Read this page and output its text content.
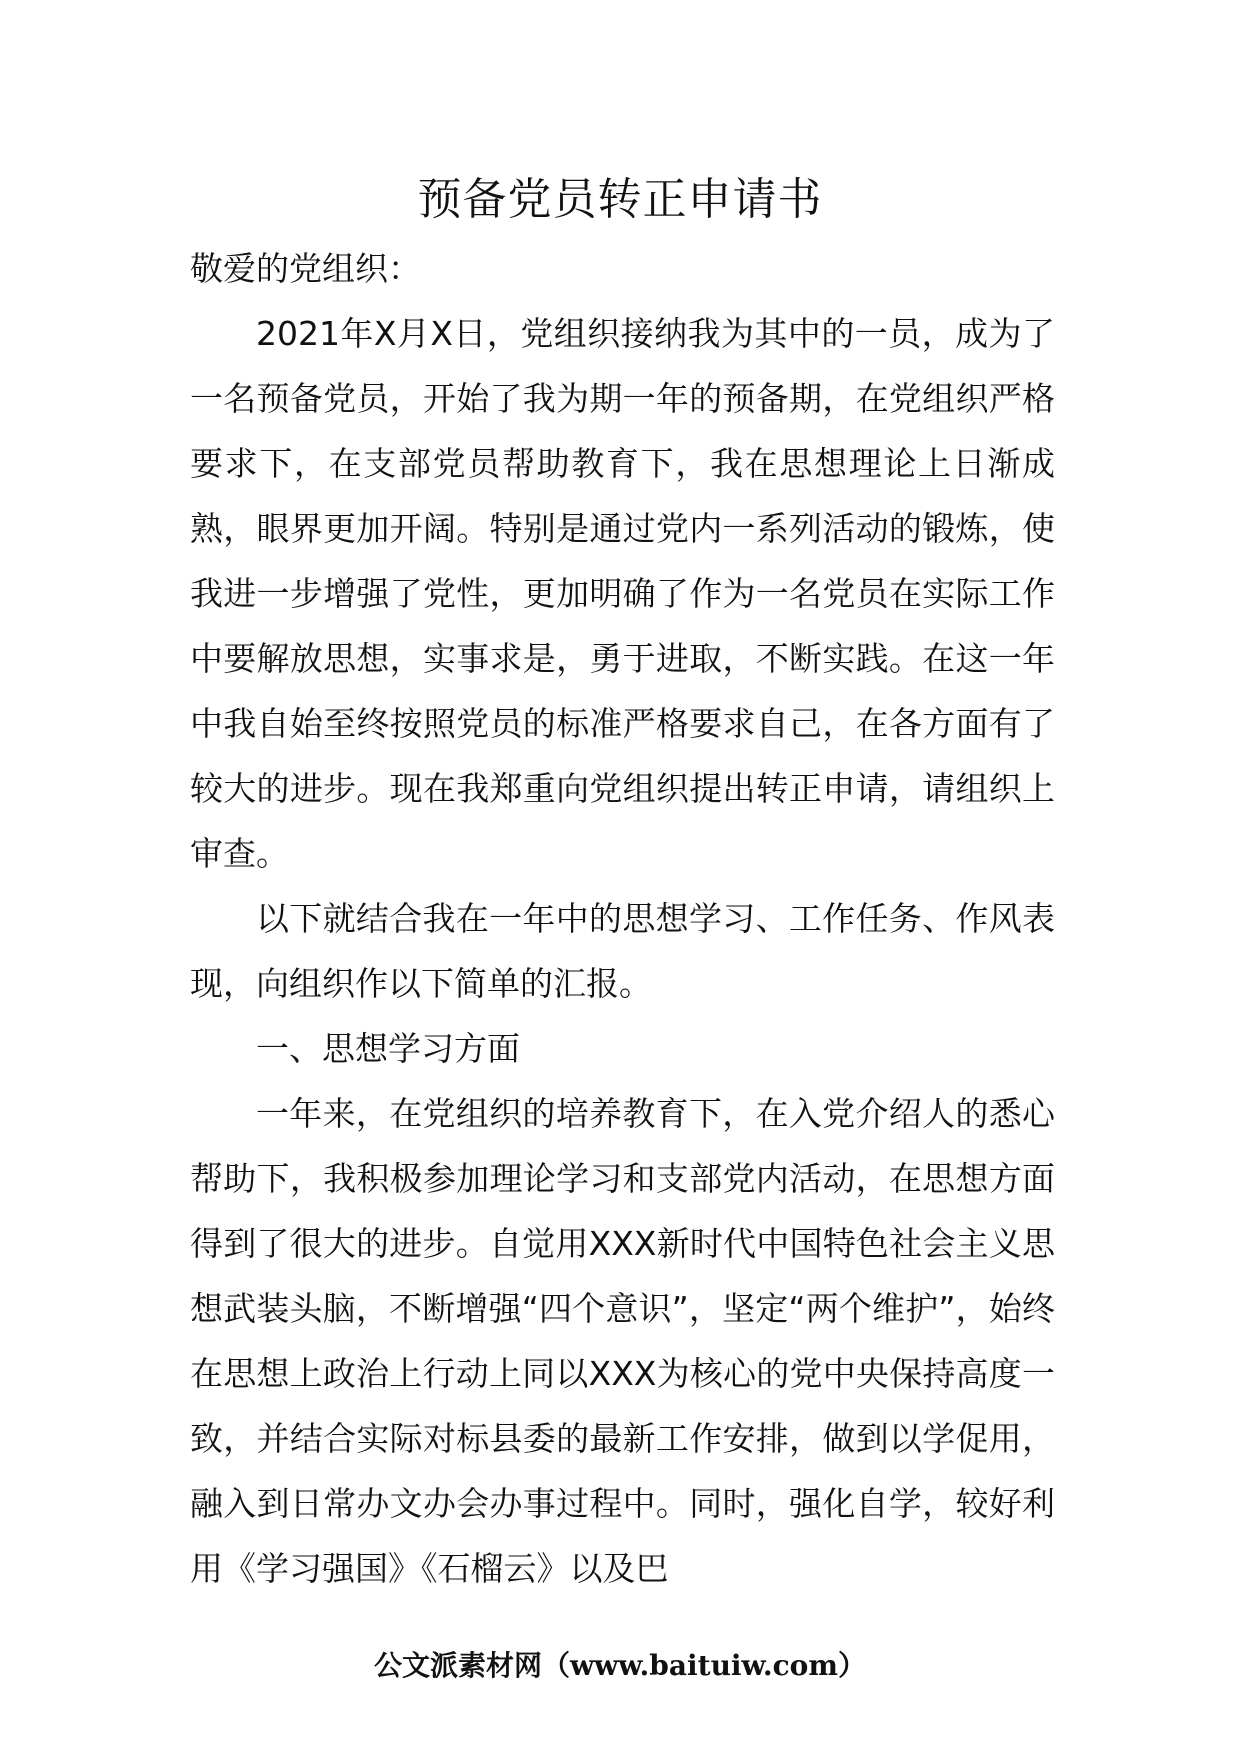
预备党员转正申请书

敬爱的党组织：

2021年X月X日，党组织接纳我为其中的一员，成为了一名预备党员，开始了我为期一年的预备期，在党组织严格要求下，在支部党员帮助教育下，我在思想理论上日渐成熟，眼界更加开阔。特别是通过党内一系列活动的锻炼，使我进一步增强了党性，更加明确了作为一名党员在实际工作中要解放思想，实事求是，勇于进取，不断实践。在这一年中我自始至终按照党员的标准严格要求自己，在各方面有了较大的进步。现在我郑重向党组织提出转正申请，请组织上审查。

以下就结合我在一年中的思想学习、工作任务、作风表现，向组织作以下简单的汇报。

一、思想学习方面

一年来，在党组织的培养教育下，在入党介绍人的悉心帮助下，我积极参加理论学习和支部党内活动，在思想方面得到了很大的进步。自觉用XXX新时代中国特色社会主义思想武装头脑，不断增强“四个意识”，坚定“两个维护”，始终在思想上政治上行动上同以XXX为核心的党中央保持高度一致，并结合实际对标县委的最新工作安排，做到以学促用，融入到日常办文办会办事过程中。同时，强化自学，较好利用《学习强国》《石榴云》以及巴

公文派素材网（www.baituiw.com）
